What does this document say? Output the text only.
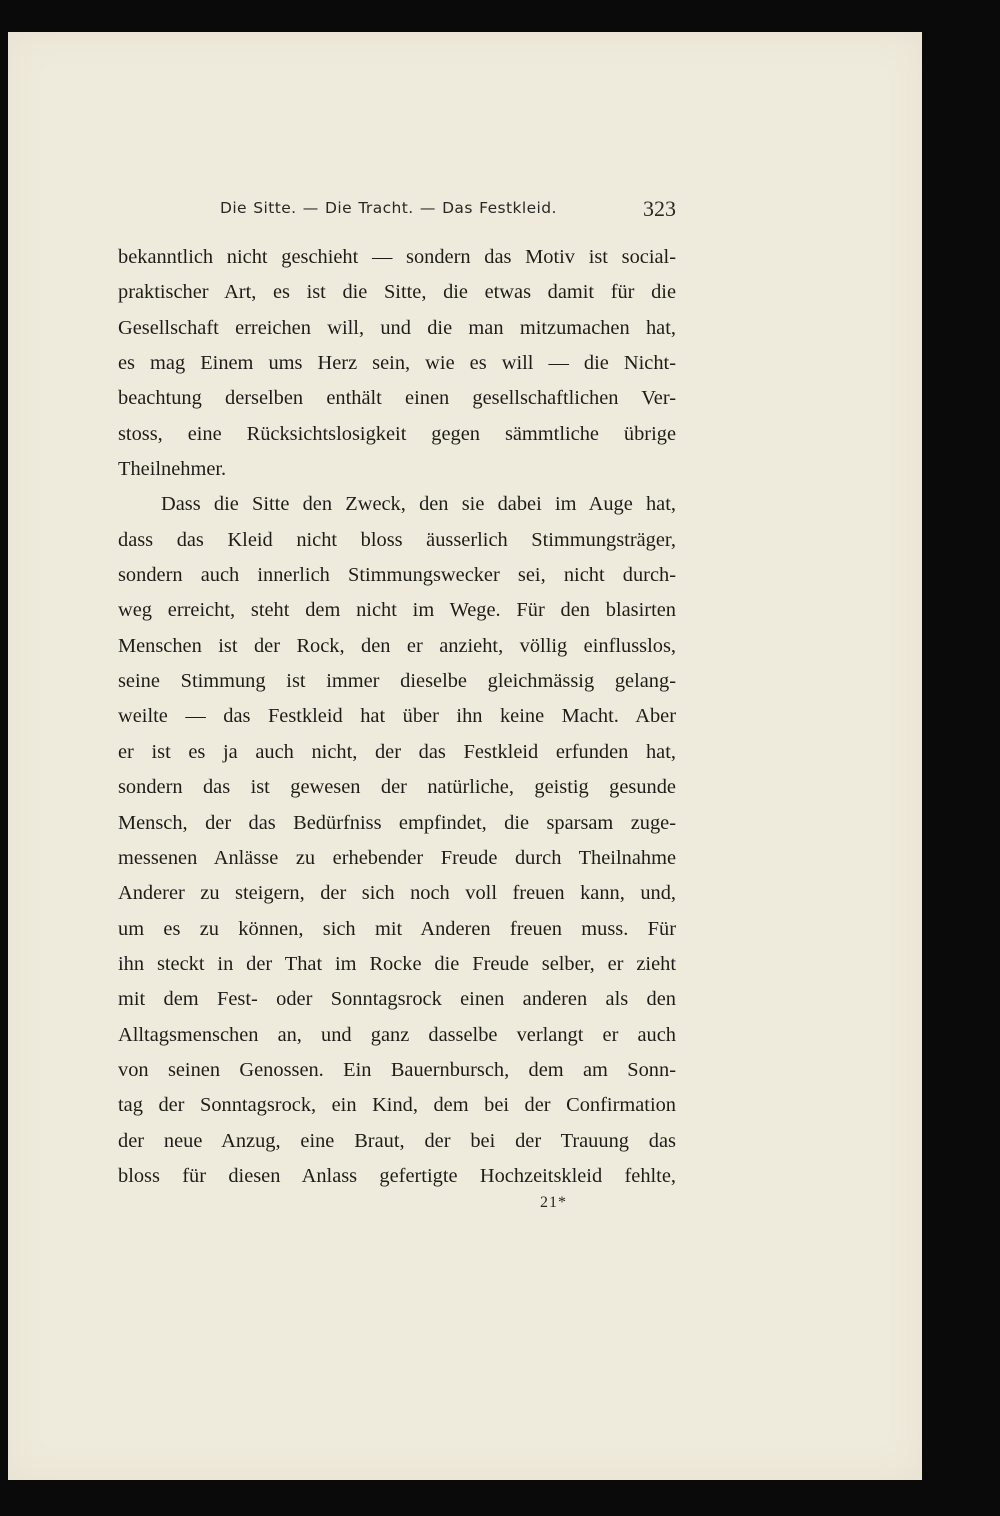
Die Sitte. — Die Tracht. — Das Festkleid.	323
bekanntlich nicht geschieht — sondern das Motiv ist social-
praktischer Art, es ist die Sitte, die etwas damit für die
Gesellschaft erreichen will, und die man mitzumachen hat,
es mag Einem ums Herz sein, wie es will — die Nicht-
beachtung derselben enthält einen gesellschaftlichen Ver-
stoss, eine Rücksichtslosigkeit gegen sämmtliche übrige
Theilnehmer.
Dass die Sitte den Zweck, den sie dabei im Auge hat,
dass das Kleid nicht bloss äusserlich Stimmungsträger,
sondern auch innerlich Stimmungswecker sei, nicht durch-
weg erreicht, steht dem nicht im Wege. Für den blasirten
Menschen ist der Rock, den er anzieht, völlig einflusslos,
seine Stimmung ist immer dieselbe gleichmässig gelang-
weilte — das Festkleid hat über ihn keine Macht. Aber
er ist es ja auch nicht, der das Festkleid erfunden hat,
sondern das ist gewesen der natürliche, geistig gesunde
Mensch, der das Bedürfniss empfindet, die sparsam zuge-
messenen Anlässe zu erhebender Freude durch Theilnahme
Anderer zu steigern, der sich noch voll freuen kann, und,
um es zu können, sich mit Anderen freuen muss. Für
ihn steckt in der That im Rocke die Freude selber, er zieht
mit dem Fest- oder Sonntagsrock einen anderen als den
Alltagsmenschen an, und ganz dasselbe verlangt er auch
von seinen Genossen. Ein Bauernbursch, dem am Sonn-
tag der Sonntagsrock, ein Kind, dem bei der Confirmation
der neue Anzug, eine Braut, der bei der Trauung das
bloss für diesen Anlass gefertigte Hochzeitskleid fehlte,
21*
